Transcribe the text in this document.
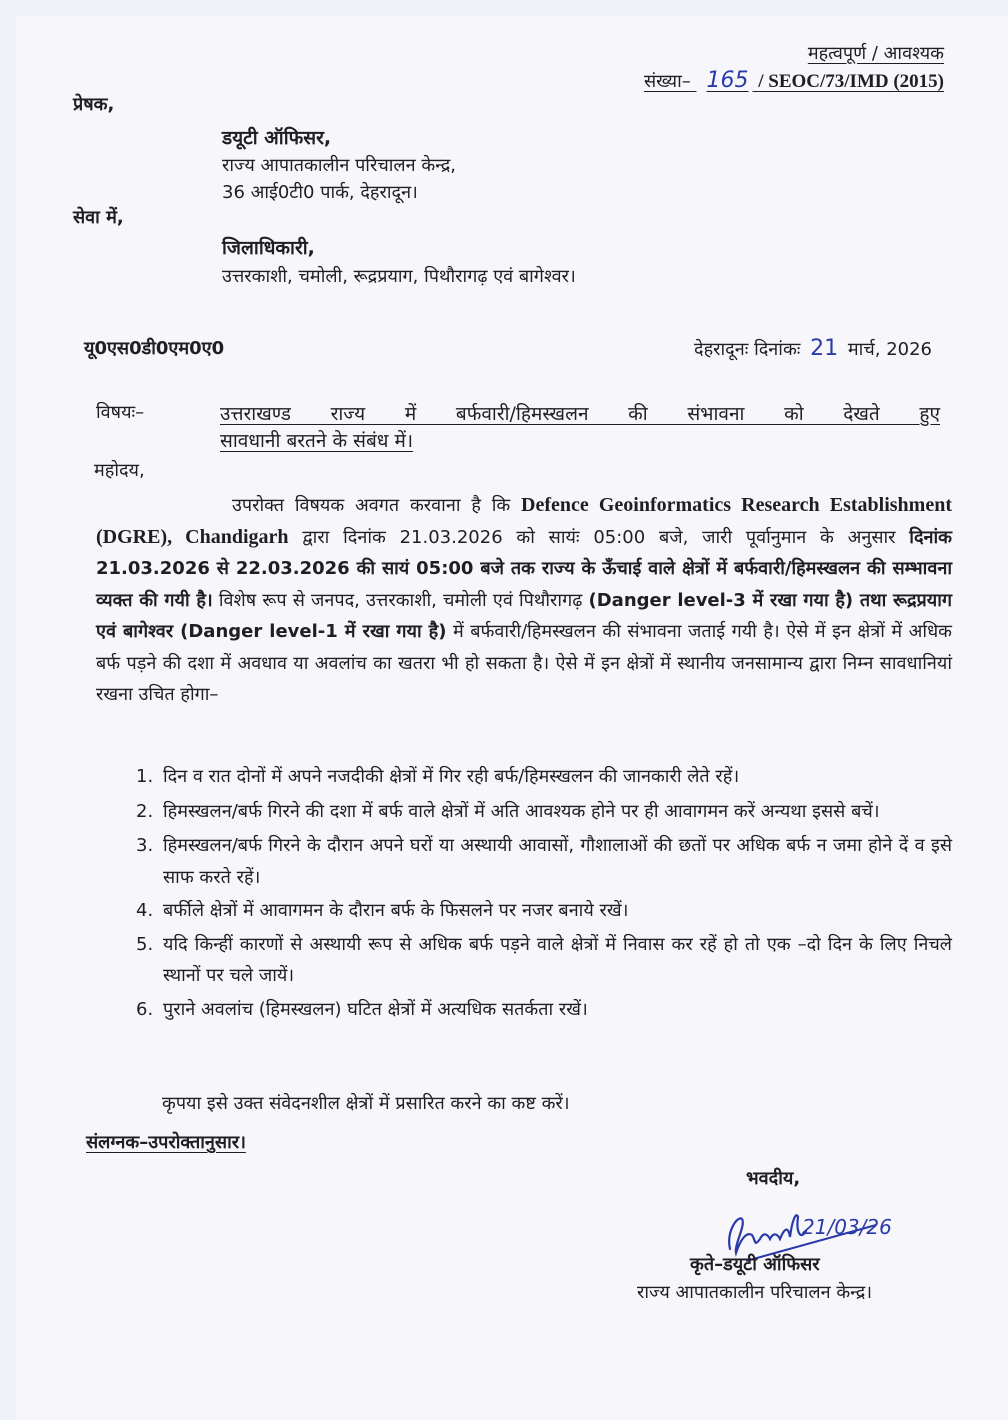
महत्वपूर्ण / आवश्यक
संख्या– 165 / SEOC/73/IMD (2015)
प्रेषक,
डयूटी ऑफिसर,
राज्य आपातकालीन परिचालन केन्द्र,
36 आई0टी0 पार्क, देहरादून।
सेवा में,
जिलाधिकारी,
उत्तरकाशी, चमोली, रूद्रप्रयाग, पिथौरागढ़ एवं बागेश्वर।
यू0एस0डी0एम0ए0	देहरादूनः दिनांकः 21 मार्च, 2026
विषयः–	उत्तराखण्ड राज्य में बर्फवारी/हिमस्खलन की संभावना को देखते हुए
सावधानी बरतने के संबंध में।
महोदय,
उपरोक्त विषयक अवगत करवाना है कि Defence Geoinformatics Research Establishment (DGRE), Chandigarh द्वारा दिनांक 21.03.2026 को सायंः 05:00 बजे, जारी पूर्वानुमान के अनुसार दिनांक 21.03.2026 से 22.03.2026 की सायं 05:00 बजे तक राज्य के ऊँचाई वाले क्षेत्रों में बर्फवारी/हिमस्खलन की सम्भावना व्यक्त की गयी है। विशेष रूप से जनपद, उत्तरकाशी, चमोली एवं पिथौरागढ़ (Danger level-3 में रखा गया है) तथा रूद्रप्रयाग एवं बागेश्वर (Danger level-1 में रखा गया है) में बर्फवारी/हिमस्खलन की संभावना जताई गयी है। ऐसे में इन क्षेत्रों में अधिक बर्फ पड़ने की दशा में अवधाव या अवलांच का खतरा भी हो सकता है। ऐसे में इन क्षेत्रों में स्थानीय जनसामान्य द्वारा निम्न सावधानियां रखना उचित होगा–
1. दिन व रात दोनों में अपने नजदीकी क्षेत्रों में गिर रही बर्फ/हिमस्खलन की जानकारी लेते रहें।
2. हिमस्खलन/बर्फ गिरने की दशा में बर्फ वाले क्षेत्रों में अति आवश्यक होने पर ही आवागमन करें अन्यथा इससे बचें।
3. हिमस्खलन/बर्फ गिरने के दौरान अपने घरों या अस्थायी आवासों, गौशालाओं की छतों पर अधिक बर्फ न जमा होने दें व इसे साफ करते रहें।
4. बर्फीले क्षेत्रों में आवागमन के दौरान बर्फ के फिसलने पर नजर बनाये रखें।
5. यदि किन्हीं कारणों से अस्थायी रूप से अधिक बर्फ पड़ने वाले क्षेत्रों में निवास कर रहें हो तो एक –दो दिन के लिए निचले स्थानों पर चले जायें।
6. पुराने अवलांच (हिमस्खलन) घटित क्षेत्रों में अत्यधिक सतर्कता रखें।
कृपया इसे उक्त संवेदनशील क्षेत्रों में प्रसारित करने का कष्ट करें।
संलग्नक–उपरोक्तानुसार।
भवदीय,
21/03/26
कृते–डयूटी ऑफिसर
राज्य आपातकालीन परिचालन केन्द्र।
